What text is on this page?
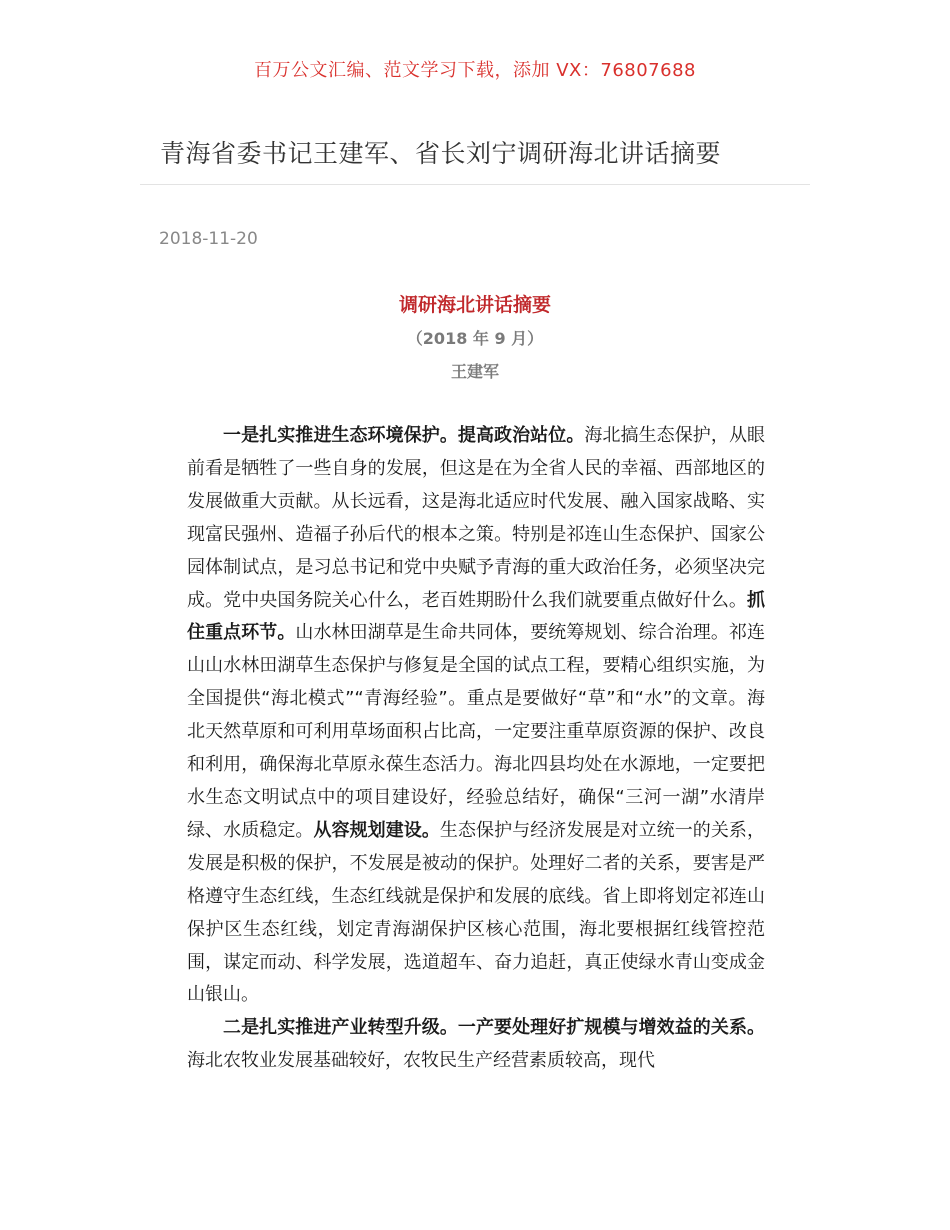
百万公文汇编、范文学习下载，添加 VX：76807688
青海省委书记王建军、省长刘宁调研海北讲话摘要
2018-11-20
调研海北讲话摘要
（2018 年 9 月）
王建军

一是扎实推进生态环境保护。提高政治站位。海北搞生态保护，从眼前看是牺牲了一些自身的发展，但这是在为全省人民的幸福、西部地区的发展做重大贡献。从长远看，这是海北适应时代发展、融入国家战略、实现富民强州、造福子孙后代的根本之策。特别是祁连山生态保护、国家公园体制试点，是习总书记和党中央赋予青海的重大政治任务，必须坚决完成。党中央国务院关心什么，老百姓期盼什么我们就要重点做好什么。抓住重点环节。山水林田湖草是生命共同体，要统筹规划、综合治理。祁连山山水林田湖草生态保护与修复是全国的试点工程，要精心组织实施，为全国提供“海北模式”“青海经验”。重点是要做好“草”和“水”的文章。海北天然草原和可利用草场面积占比高，一定要注重草原资源的保护、改良和利用，确保海北草原永葆生态活力。海北四县均处在水源地，一定要把水生态文明试点中的项目建设好，经验总结好，确保“三河一湖”水清岸绿、水质稳定。从容规划建设。生态保护与经济发展是对立统一的关系，发展是积极的保护，不发展是被动的保护。处理好二者的关系，要害是严格遵守生态红线，生态红线就是保护和发展的底线。省上即将划定祁连山保护区生态红线，划定青海湖保护区核心范围，海北要根据红线管控范围，谋定而动、科学发展，选道超车、奋力追赶，真正使绿水青山变成金山银山。

二是扎实推进产业转型升级。一产要处理好扩规模与增效益的关系。海北农牧业发展基础较好，农牧民生产经营素质较高，现代
